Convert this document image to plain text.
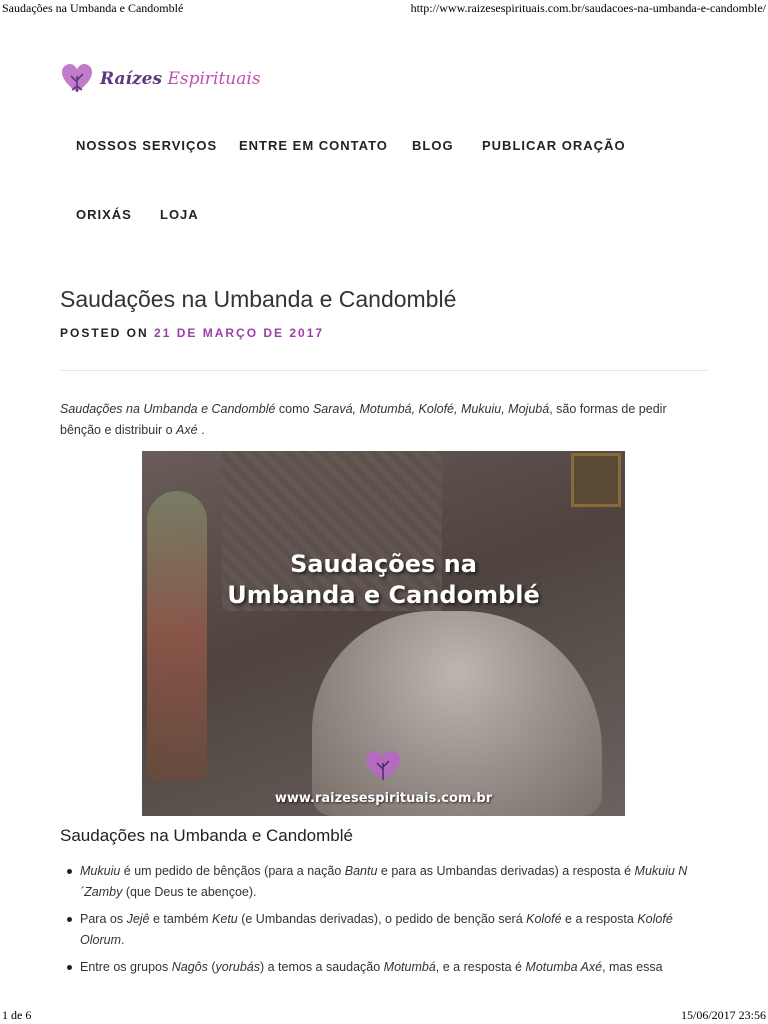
Saudações na Umbanda e Candomblé	http://www.raizesespirituais.com.br/saudacoes-na-umbanda-e-candomble/
Raízes Espirituais
NOSSOS SERVIÇOS ENTRE EM CONTATO BLOG PUBLICAR ORAÇÃO
ORIXÁS LOJA
Saudações na Umbanda e Candomblé
POSTED ON 21 DE MARÇO DE 2017

Saudações na Umbanda e Candomblé como Saravá, Motumbá, Kolofé, Mukuiu, Mojubá, são formas de pedir bênção e distribuir o Axé .

Saudações na
Umbanda e Candomblé
www.raizesespirituais.com.br
Saudações na Umbanda e Candomblé
Mukuiu é um pedido de bênçãos (para a nação Bantu e para as Umbandas derivadas) a resposta é Mukuiu N´Zamby (que Deus te abençoe).
Para os Jejê e também Ketu (e Umbandas derivadas), o pedido de benção será Kolofé e a resposta Kolofé Olorum.
Entre os grupos Nagôs (yorubás) a temos a saudação Motumbá, e a resposta é Motumba Axé, mas essa
1 de 6	15/06/2017 23:56
